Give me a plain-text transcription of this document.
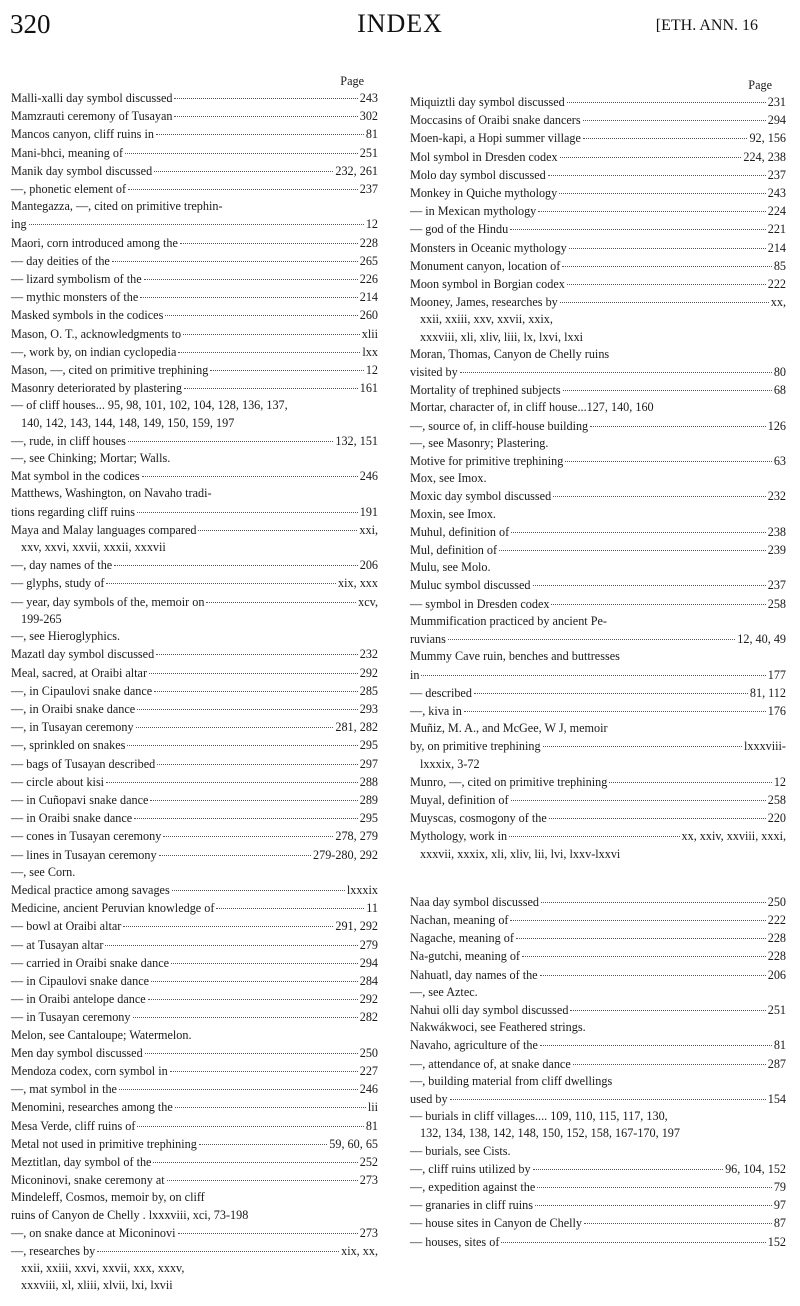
320	INDEX	[ETH. ANN. 16
Page
Malli-xalli day symbol discussed	243
Mamzrauti ceremony of Tusayan	302
Mancos canyon, cliff ruins in	81
Mani-bhci, meaning of	251
Manik day symbol discussed	232, 261
—, phonetic element of	237
Mantegazza, —, cited on primitive trephin-
ing	12
Maori, corn introduced among the	228
— day deities of the	265
— lizard symbolism of the	226
— mythic monsters of the	214
Masked symbols in the codices	260
Mason, O. T., acknowledgments to	xlii
—, work by, on indian cyclopedia	lxx
Mason, —, cited on primitive trephining	12
Masonry deteriorated by plastering	161
— of cliff houses... 95, 98, 101, 102, 104, 128, 136, 137,
140, 142, 143, 144, 148, 149, 150, 159, 197
—, rude, in cliff houses	132, 151
—, see Chinking; Mortar; Walls.
Mat symbol in the codices	246
Matthews, Washington, on Navaho tradi-
tions regarding cliff ruins	191
Maya and Malay languages compared	xxi,
xxv, xxvi, xxvii, xxxii, xxxvii
—, day names of the	206
— glyphs, study of	xix, xxx
— year, day symbols of the, memoir on	xcv,
199-265
—, see Hieroglyphics.
Mazatl day symbol discussed	232
Meal, sacred, at Oraibi altar	292
—, in Cipaulovi snake dance	285
—, in Oraibi snake dance	293
—, in Tusayan ceremony	281, 282
—, sprinkled on snakes	295
— bags of Tusayan described	297
— circle about kisi	288
— in Cuñopavi snake dance	289
— in Oraibi snake dance	295
— cones in Tusayan ceremony	278, 279
— lines in Tusayan ceremony	279-280, 292
—, see Corn.
Medical practice among savages	lxxxix
Medicine, ancient Peruvian knowledge of	11
— bowl at Oraibi altar	291, 292
— at Tusayan altar	279
— carried in Oraibi snake dance	294
— in Cipaulovi snake dance	284
— in Oraibi antelope dance	292
— in Tusayan ceremony	282
Melon, see Cantaloupe; Watermelon.
Men day symbol discussed	250
Mendoza codex, corn symbol in	227
—, mat symbol in the	246
Menomini, researches among the	lii
Mesa Verde, cliff ruins of	81
Metal not used in primitive trephining	59, 60, 65
Meztitlan, day symbol of the	252
Miconinovi, snake ceremony at	273
Mindeleff, Cosmos, memoir by, on cliff
ruins of Canyon de Chelly . lxxxviii, xci, 73-198
—, on snake dance at Miconinovi	273
—, researches by	xix, xx,
xxii, xxiii, xxvi, xxvii, xxx, xxxv,
xxxviii, xl, xliii, xlvii, lxi, lxvii
Page
Miquiztli day symbol discussed	231
Moccasins of Oraibi snake dancers	294
Moen-kapi, a Hopi summer village	92, 156
Mol symbol in Dresden codex	224, 238
Molo day symbol discussed	237
Monkey in Quiche mythology	243
— in Mexican mythology	224
— god of the Hindu	221
Monsters in Oceanic mythology	214
Monument canyon, location of	85
Moon symbol in Borgian codex	222
Mooney, James, researches by	xx,
xxii, xxiii, xxv, xxvii, xxix,
xxxviii, xli, xliv, liii, lx, lxvi, lxxi
Moran, Thomas, Canyon de Chelly ruins
visited by	80
Mortality of trephined subjects	68
Mortar, character of, in cliff house...127, 140, 160
—, source of, in cliff-house building	126
—, see Masonry; Plastering.
Motive for primitive trephining	63
Mox, see Imox.
Moxic day symbol discussed	232
Moxin, see Imox.
Muhul, definition of	238
Mul, definition of	239
Mulu, see Molo.
Muluc symbol discussed	237
— symbol in Dresden codex	258
Mummification practiced by ancient Pe-
ruvians	12, 40, 49
Mummy Cave ruin, benches and buttresses
in	177
— described	81, 112
—, kiva in	176
Muñiz, M. A., and McGee, W J, memoir
by, on primitive trephining	lxxxviii-
lxxxix, 3-72
Munro, —, cited on primitive trephining	12
Muyal, definition of	258
Muyscas, cosmogony of the	220
Mythology, work in	xx, xxiv, xxviii, xxxi,
xxxvii, xxxix, xli, xliv, lii, lvi, lxxv-lxxvi
Naa day symbol discussed	250
Nachan, meaning of	222
Nagache, meaning of	228
Na-gutchi, meaning of	228
Nahuatl, day names of the	206
—, see Aztec.
Nahui olli day symbol discussed	251
Nakwákwoci, see Feathered strings.
Navaho, agriculture of the	81
—, attendance of, at snake dance	287
—, building material from cliff dwellings
used by	154
— burials in cliff villages.... 109, 110, 115, 117, 130,
132, 134, 138, 142, 148, 150, 152, 158, 167-170, 197
— burials, see Cists.
—, cliff ruins utilized by	96, 104, 152
—, expedition against the	79
— granaries in cliff ruins	97
— house sites in Canyon de Chelly	87
— houses, sites of	152
